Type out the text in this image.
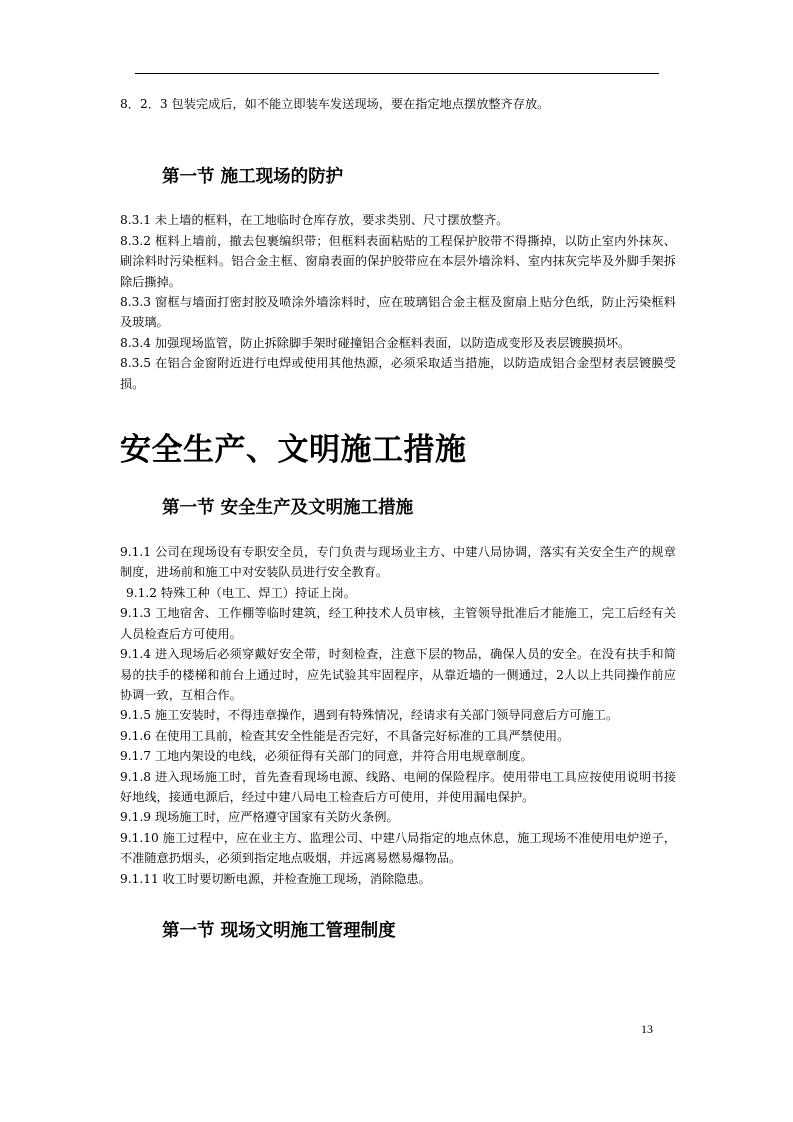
8．2．3 包装完成后，如不能立即装车发送现场，要在指定地点摆放整齐存放。

第一节 施工现场的防护

8.3.1 未上墙的框料，在工地临时仓库存放，要求类别、尺寸摆放整齐。

8.3.2 框料上墙前，撤去包裹编织带；但框料表面粘贴的工程保护胶带不得撕掉，以防止室内外抹灰、刷涂料时污染框料。铝合金主框、窗扇表面的保护胶带应在本层外墙涂料、室内抹灰完毕及外脚手架拆除后撕掉。

8.3.3 窗框与墙面打密封胶及喷涂外墙涂料时，应在玻璃铝合金主框及窗扇上贴分色纸，防止污染框料及玻璃。

8.3.4 加强现场监管，防止拆除脚手架时碰撞铝合金框料表面，以防造成变形及表层镀膜损坏。

8.3.5 在铝合金窗附近进行电焊或使用其他热源，必须采取适当措施，以防造成铝合金型材表层镀膜受损。

安全生产、文明施工措施
第一节 安全生产及文明施工措施

9.1.1 公司在现场设有专职安全员，专门负责与现场业主方、中建八局协调，落实有关安全生产的规章制度，进场前和施工中对安装队员进行安全教育。

9.1.2 特殊工种（电工、焊工）持证上岗。

9.1.3 工地宿舍、工作棚等临时建筑，经工种技术人员审核，主管领导批准后才能施工，完工后经有关人员检查后方可使用。

9.1.4 进入现场后必须穿戴好安全带，时刻检查，注意下层的物品，确保人员的安全。在没有扶手和简易的扶手的楼梯和前台上通过时，应先试验其牢固程序，从靠近墙的一侧通过，2人以上共同操作前应协调一致，互相合作。

9.1.5 施工安装时，不得违章操作，遇到有特殊情况，经请求有关部门领导同意后方可施工。

9.1.6 在使用工具前，检查其安全性能是否完好，不具备完好标准的工具严禁使用。

9.1.7 工地内架设的电线，必须征得有关部门的同意，并符合用电规章制度。

9.1.8 进入现场施工时，首先查看现场电源、线路、电闸的保险程序。使用带电工具应按使用说明书接好地线，接通电源后，经过中建八局电工检查后方可使用，并使用漏电保护。

9.1.9 现场施工时，应严格遵守国家有关防火条例。

9.1.10 施工过程中，应在业主方、监理公司、中建八局指定的地点休息，施工现场不准使用电炉逆子，不准随意扔烟头，必须到指定地点吸烟，并远离易燃易爆物品。

9.1.11 收工时要切断电源，并检查施工现场，消除隐患。

第一节 现场文明施工管理制度
13
